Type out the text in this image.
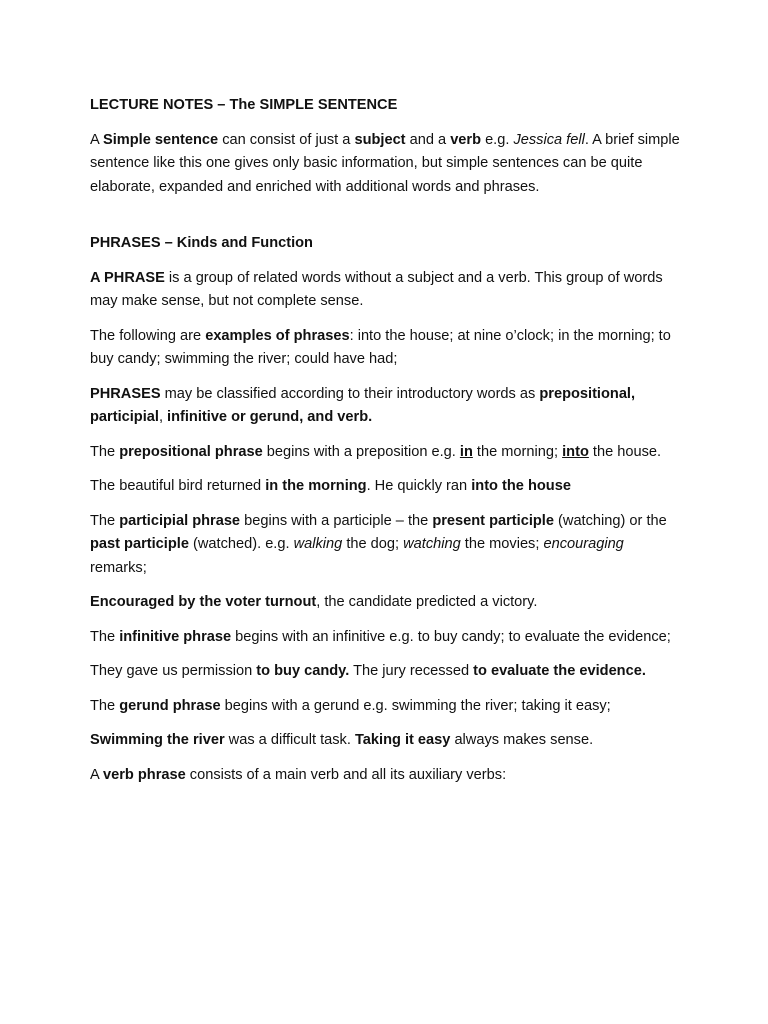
LECTURE NOTES – The SIMPLE SENTENCE

A Simple sentence can consist of just a subject and a verb e.g. Jessica fell. A brief simple sentence like this one gives only basic information, but simple sentences can be quite elaborate, expanded and enriched with additional words and phrases.

PHRASES – Kinds and Function

A PHRASE is a group of related words without a subject and a verb. This group of words may make sense, but not complete sense.

The following are examples of phrases: into the house; at nine o’clock; in the morning; to buy candy; swimming the river; could have had;

PHRASES may be classified according to their introductory words as prepositional, participial, infinitive or gerund, and verb.

The prepositional phrase begins with a preposition e.g. in the morning; into the house.

The beautiful bird returned in the morning. He quickly ran into the house

The participial phrase begins with a participle – the present participle (watching) or the past participle (watched). e.g. walking the dog; watching the movies; encouraging remarks;

Encouraged by the voter turnout, the candidate predicted a victory.

The infinitive phrase begins with an infinitive e.g. to buy candy; to evaluate the evidence;

They gave us permission to buy candy. The jury recessed to evaluate the evidence.

The gerund phrase begins with a gerund e.g. swimming the river; taking it easy;

Swimming the river was a difficult task. Taking it easy always makes sense.

A verb phrase consists of a main verb and all its auxiliary verbs:
